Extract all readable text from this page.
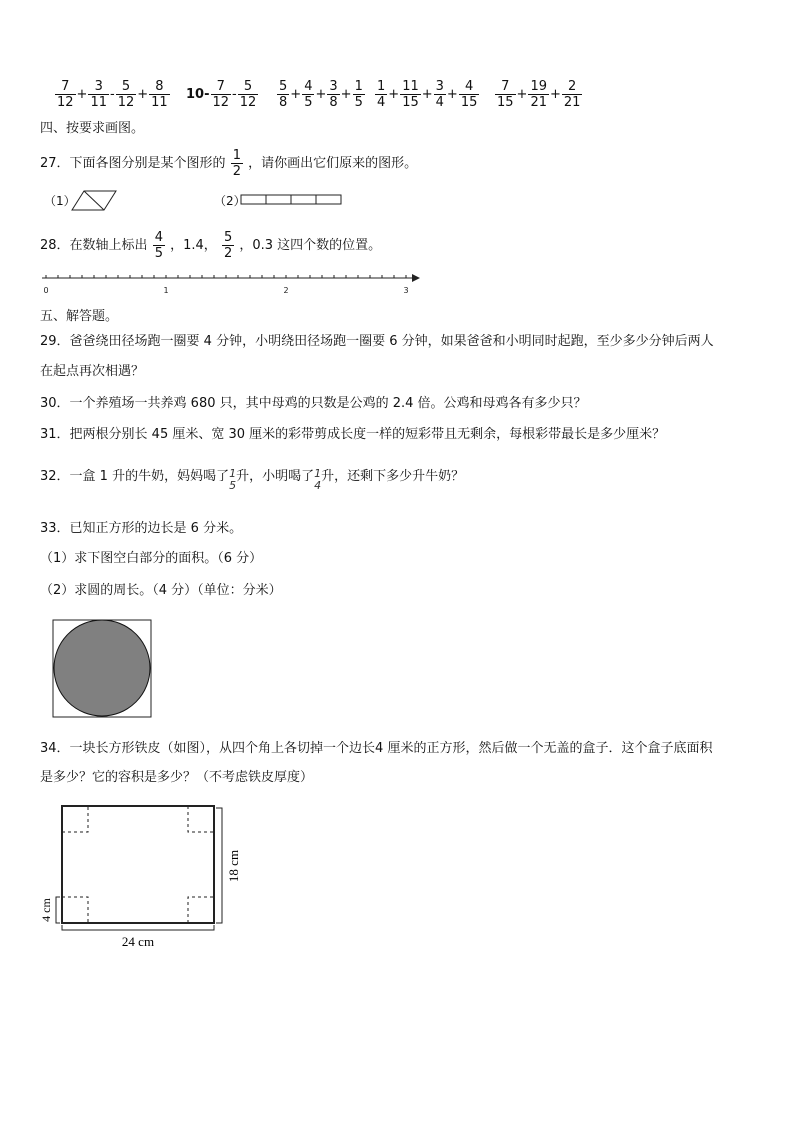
$\frac{7}{12} + \frac{3}{11} - \frac{5}{12} + \frac{8}{11} 10- \frac{7}{12} - \frac{5}{12} \frac{5}{8} + \frac{4}{5} + \frac{3}{8} + \frac{1}{5} \frac{1}{4} + \frac{11}{15} + \frac{3}{4} + \frac{4}{15} \frac{7}{15} + \frac{19}{21} + \frac{2}{21}$
四、按要求画图。
27．下面各图分别是某个图形的 $\frac{1}{2}$ ，请你画出它们原来的图形。
（1）	（2）
28．在数轴上标出 $\frac{4}{5}$ ，1.4， $\frac{5}{2}$ ，0.3 这四个数的位置。
0	1	2	3
五、解答题。
29．爸爸绕田径场跑一圈要 4 分钟，小明绕田径场跑一圈要 6 分钟，如果爸爸和小明同时起跑，至少多少分钟后两人
在起点再次相遇？
30．一个养殖场一共养鸡 680 只，其中母鸡的只数是公鸡的 2.4 倍。公鸡和母鸡各有多少只？
31．把两根分别长 45 厘米、宽 30 厘米的彩带剪成长度一样的短彩带且无剩余，每根彩带最长是多少厘米？
32．一盒 1 升的牛奶，妈妈喝了 1
5
升，小明喝了 1
4
升，还剩下多少升牛奶？
33．已知正方形的边长是 6 分米。
（1）求下图空白部分的面积。（6 分）
（2）求圆的周长。（4 分）（单位：分米）
34．一块长方形铁皮（如图），从四个角上各切掉一个边长4 厘米的正方形，然后做一个无盖的盒子．这个盒子底面积
是多少？它的容积是多少？（不考虑铁皮厚度）
18 cm
4 cm
24 cm
